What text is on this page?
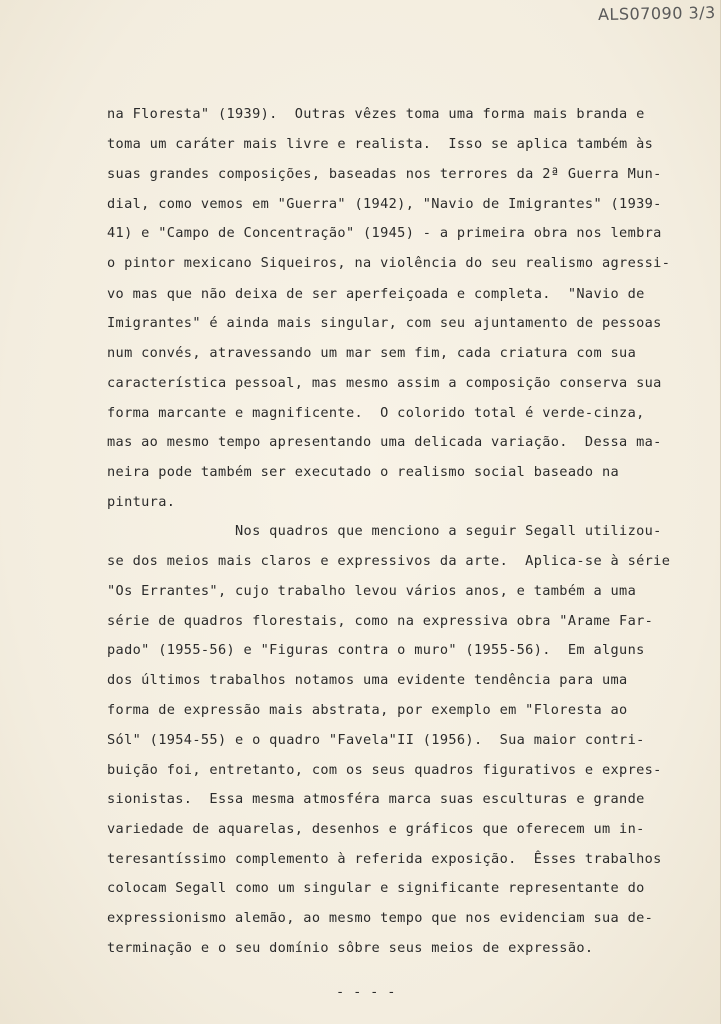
ALS07090 3/3
na Floresta" (1939).  Outras vêzes toma uma forma mais branda e
toma um caráter mais livre e realista.  Isso se aplica também às
suas grandes composições, baseadas nos terrores da 2ª Guerra Mun-
dial, como vemos em "Guerra" (1942), "Navio de Imigrantes" (1939-
41) e "Campo de Concentração" (1945) - a primeira obra nos lembra
o pintor mexicano Siqueiros, na violência do seu realismo agressi-
vo mas que não deixa de ser aperfeiçoada e completa.  "Navio de
Imigrantes" é ainda mais singular, com seu ajuntamento de pessoas
num convés, atravessando um mar sem fim, cada criatura com sua
característica pessoal, mas mesmo assim a composição conserva sua
forma marcante e magnificente.  O colorido total é verde-cinza,
mas ao mesmo tempo apresentando uma delicada variação.  Dessa ma-
neira pode também ser executado o realismo social baseado na
pintura.
Nos quadros que menciono a seguir Segall utilizou-
se dos meios mais claros e expressivos da arte.  Aplica-se à série
"Os Errantes", cujo trabalho levou vários anos, e também a uma
série de quadros florestais, como na expressiva obra "Arame Far-
pado" (1955-56) e "Figuras contra o muro" (1955-56).  Em alguns
dos últimos trabalhos notamos uma evidente tendência para uma
forma de expressão mais abstrata, por exemplo em "Floresta ao
Sól" (1954-55) e o quadro "Favela"II (1956).  Sua maior contri-
buição foi, entretanto, com os seus quadros figurativos e expres-
sionistas.  Essa mesma atmosféra marca suas esculturas e grande
variedade de aquarelas, desenhos e gráficos que oferecem um in-
teresantíssimo complemento à referida exposição.  Êsses trabalhos
colocam Segall como um singular e significante representante do
expressionismo alemão, ao mesmo tempo que nos evidenciam sua de-
terminação e o seu domínio sôbre seus meios de expressão.
- - - -
